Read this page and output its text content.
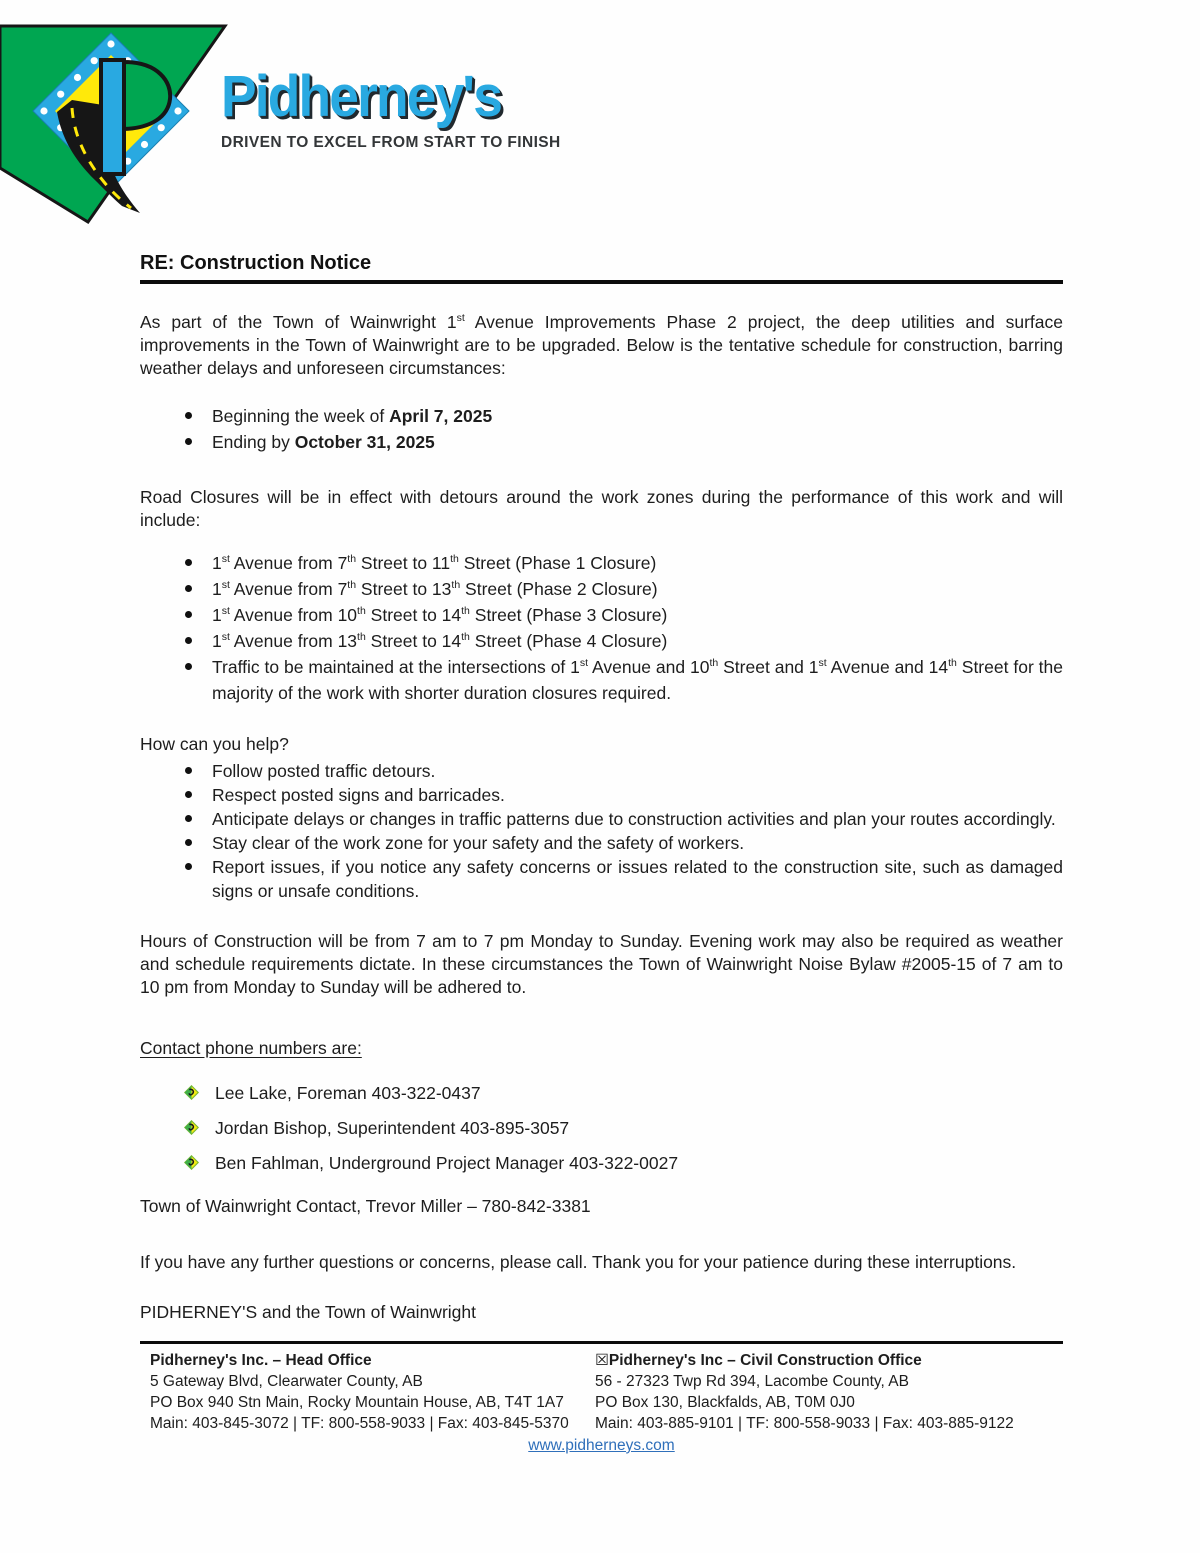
Pidherney's
DRIVEN TO EXCEL FROM START TO FINISH
RE: Construction Notice

As part of the Town of Wainwright 1st Avenue Improvements Phase 2 project, the deep utilities and surface improvements in the Town of Wainwright are to be upgraded. Below is the tentative schedule for construction, barring weather delays and unforeseen circumstances:

Beginning the week of April 7, 2025
Ending by October 31, 2025

Road Closures will be in effect with detours around the work zones during the performance of this work and will include:

1st Avenue from 7th Street to 11th Street (Phase 1 Closure)
1st Avenue from 7th Street to 13th Street (Phase 2 Closure)
1st Avenue from 10th Street to 14th Street (Phase 3 Closure)
1st Avenue from 13th Street to 14th Street (Phase 4 Closure)
Traffic to be maintained at the intersections of 1st Avenue and 10th Street and 1st Avenue and 14th Street for the majority of the work with shorter duration closures required.
How can you help?
Follow posted traffic detours.
Respect posted signs and barricades.
Anticipate delays or changes in traffic patterns due to construction activities and plan your routes accordingly.
Stay clear of the work zone for your safety and the safety of workers.
Report issues, if you notice any safety concerns or issues related to the construction site, such as damaged signs or unsafe conditions.

Hours of Construction will be from 7 am to 7 pm Monday to Sunday. Evening work may also be required as weather and schedule requirements dictate. In these circumstances the Town of Wainwright Noise Bylaw #2005-15 of 7 am to 10 pm from Monday to Sunday will be adhered to.

Contact phone numbers are:
Lee Lake, Foreman 403-322-0437
Jordan Bishop, Superintendent 403-895-3057
Ben Fahlman, Underground Project Manager 403-322-0027
Town of Wainwright Contact, Trevor Miller – 780-842-3381

If you have any further questions or concerns, please call. Thank you for your patience during these interruptions.

PIDHERNEY'S and the Town of Wainwright
Pidherney's Inc. – Head Office
5 Gateway Blvd, Clearwater County, AB
PO Box 940 Stn Main, Rocky Mountain House, AB, T4T 1A7
Main: 403-845-3072 | TF: 800-558-9033 | Fax: 403-845-5370
☒Pidherney's Inc – Civil Construction Office
56 - 27323 Twp Rd 394, Lacombe County, AB
PO Box 130, Blackfalds, AB, T0M 0J0
Main: 403-885-9101 | TF: 800-558-9033 | Fax: 403-885-9122
www.pidherneys.com
